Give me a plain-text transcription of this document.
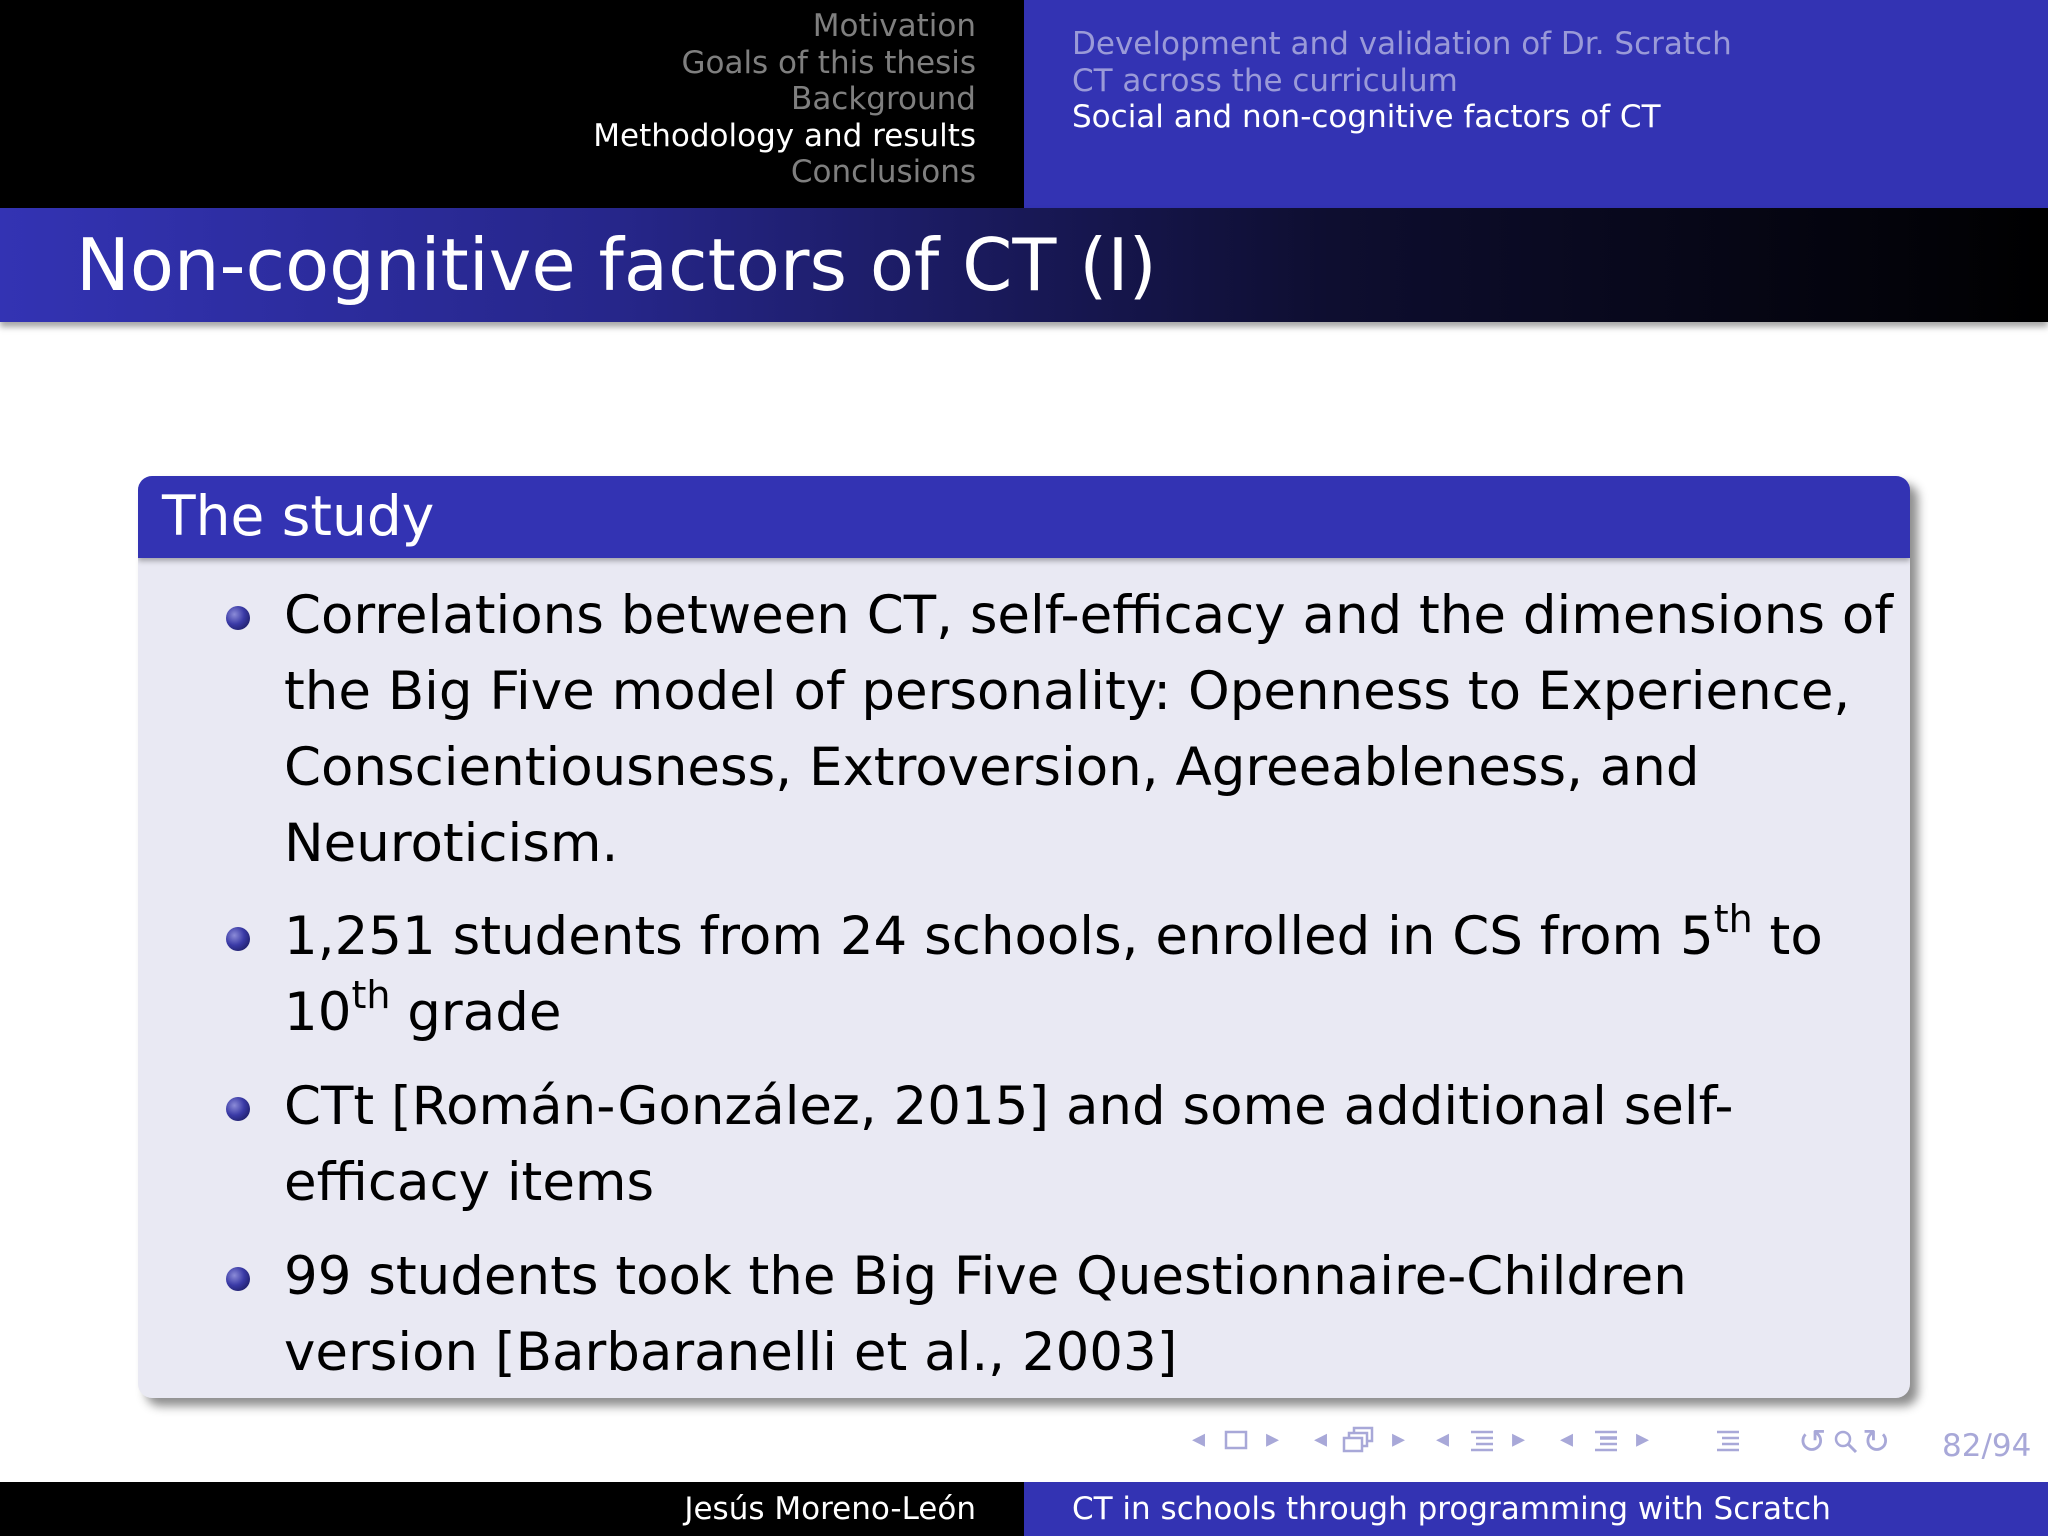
Motivation
Goals of this thesis
Background
Methodology and results
Conclusions
Development and validation of Dr. Scratch
CT across the curriculum
Social and non-cognitive factors of CT
Non-cognitive factors of CT (I)
The study
Correlations between CT, self-efficacy and the dimensions of the Big Five model of personality: Openness to Experience, Conscientiousness, Extroversion, Agreeableness, and Neuroticism.
1,251 students from 24 schools, enrolled in CS from 5th to 10th grade
CTt [Román-González, 2015] and some additional self-efficacy items
99 students took the Big Five Questionnaire-Children version [Barbaranelli et al., 2003]
◂ ▸ ◂ ▸ ◂ ▸ ◂ ▸	↺ ↻ 82/94
Jesús Moreno-León	CT in schools through programming with Scratch
